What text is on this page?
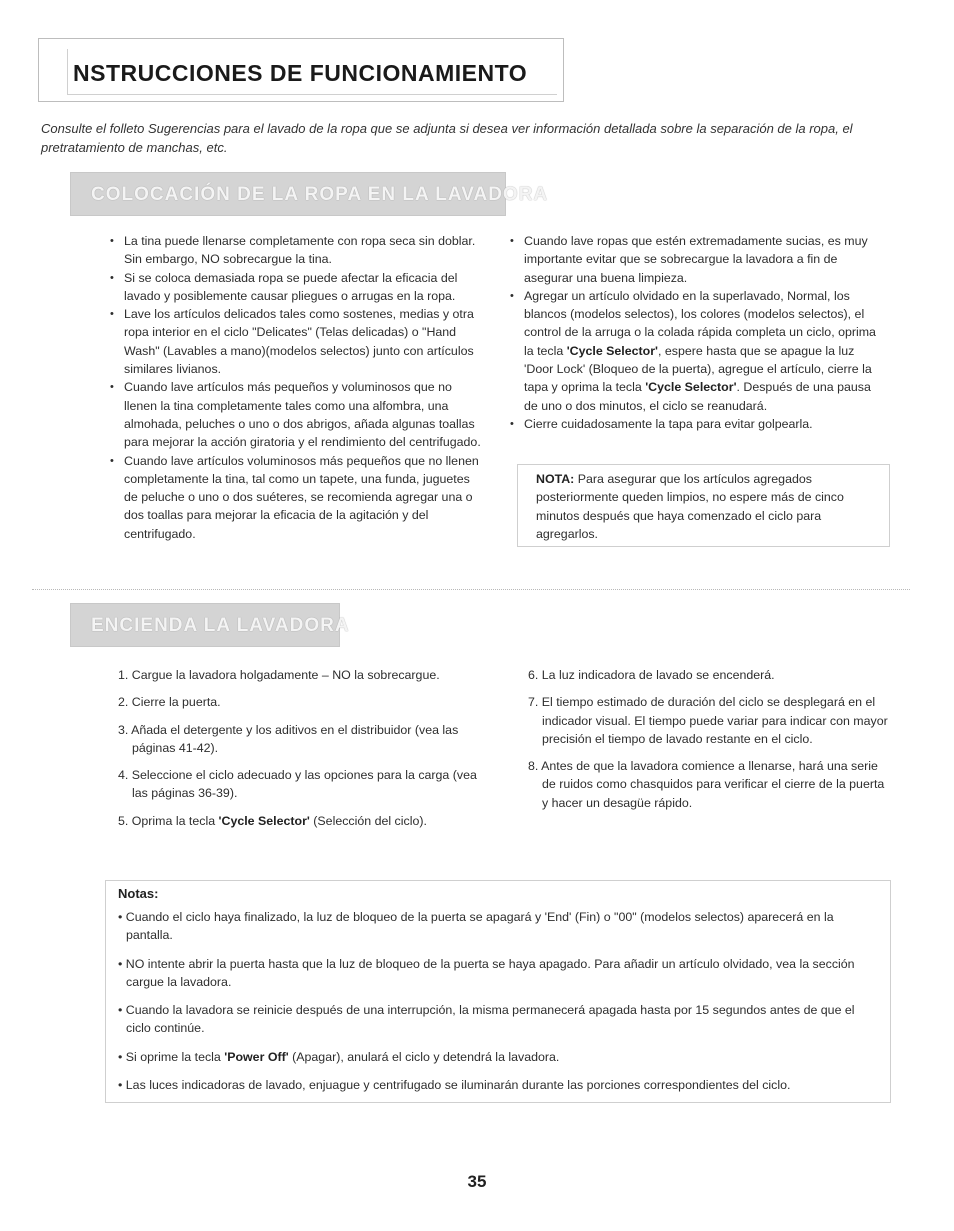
NSTRUCCIONES DE FUNCIONAMIENTO
Consulte el folleto Sugerencias para el lavado de la ropa que se adjunta si desea ver información detallada sobre la separación de la ropa, el pretratamiento de manchas, etc.
COLOCACIÓN DE LA ROPA EN LA LAVADORA
• La tina puede llenarse completamente con ropa seca sin doblar. Sin embargo, NO sobrecargue la tina.
• Si se coloca demasiada ropa se puede afectar la eficacia del lavado y posiblemente causar pliegues o arrugas en la ropa.
• Lave los artículos delicados tales como sostenes, medias y otra ropa interior en el ciclo "Delicates" (Telas delicadas) o "Hand Wash" (Lavables a mano)(modelos selectos) junto con artículos similares livianos.
• Cuando lave artículos más pequeños y voluminosos que no llenen la tina completamente tales como una alfombra, una almohada, peluches o uno o dos abrigos, añada algunas toallas para mejorar la acción giratoria y el rendimiento del centrifugado.
• Cuando lave artículos voluminosos más pequeños que no llenen completamente la tina, tal como un tapete, una funda, juguetes de peluche o uno o dos suéteres, se recomienda agregar una o dos toallas para mejorar la eficacia de la agitación y del centrifugado.
• Cuando lave ropas que estén extremadamente sucias, es muy importante evitar que se sobrecargue la lavadora a fin de asegurar una buena limpieza.
• Agregar un artículo olvidado en la superlavado, Normal, los blancos (modelos selectos), los colores (modelos selectos), el control de la arruga o la colada rápida completa un ciclo, oprima la tecla 'Cycle Selector', espere hasta que se apague la luz 'Door Lock' (Bloqueo de la puerta), agregue el artículo, cierre la tapa y oprima la tecla 'Cycle Selector'. Después de una pausa de uno o dos minutos, el ciclo se reanudará.
• Cierre cuidadosamente la tapa para evitar golpearla.
NOTA: Para asegurar que los artículos agregados posteriormente queden limpios, no espere más de cinco minutos después que haya comenzado el ciclo para agregarlos.
ENCIENDA LA LAVADORA
1. Cargue la lavadora holgadamente – NO la sobrecargue.
2. Cierre la puerta.
3. Añada el detergente y los aditivos en el distribuidor (vea las páginas 41-42).
4. Seleccione el ciclo adecuado y las opciones para la carga (vea las páginas 36-39).
5. Oprima la tecla 'Cycle Selector' (Selección del ciclo).
6. La luz indicadora de lavado se encenderá.
7. El tiempo estimado de duración del ciclo se desplegará en el indicador visual. El tiempo puede variar para indicar con mayor precisión el tiempo de lavado restante en el ciclo.
8. Antes de que la lavadora comience a llenarse, hará una serie de ruidos como chasquidos para verificar el cierre de la puerta y hacer un desagüe rápido.
Notas:
• Cuando el ciclo haya finalizado, la luz de bloqueo de la puerta se apagará y 'End' (Fin) o "00" (modelos selectos) aparecerá en la pantalla.
• NO intente abrir la puerta hasta que la luz de bloqueo de la puerta se haya apagado. Para añadir un artículo olvidado, vea la sección cargue la lavadora.
• Cuando la lavadora se reinicie después de una interrupción, la misma permanecerá apagada hasta por 15 segundos antes de que el ciclo continúe.
• Si oprime la tecla 'Power Off' (Apagar), anulará el ciclo y detendrá la lavadora.
• Las luces indicadoras de lavado, enjuague y centrifugado se iluminarán durante las porciones correspondientes del ciclo.
35
